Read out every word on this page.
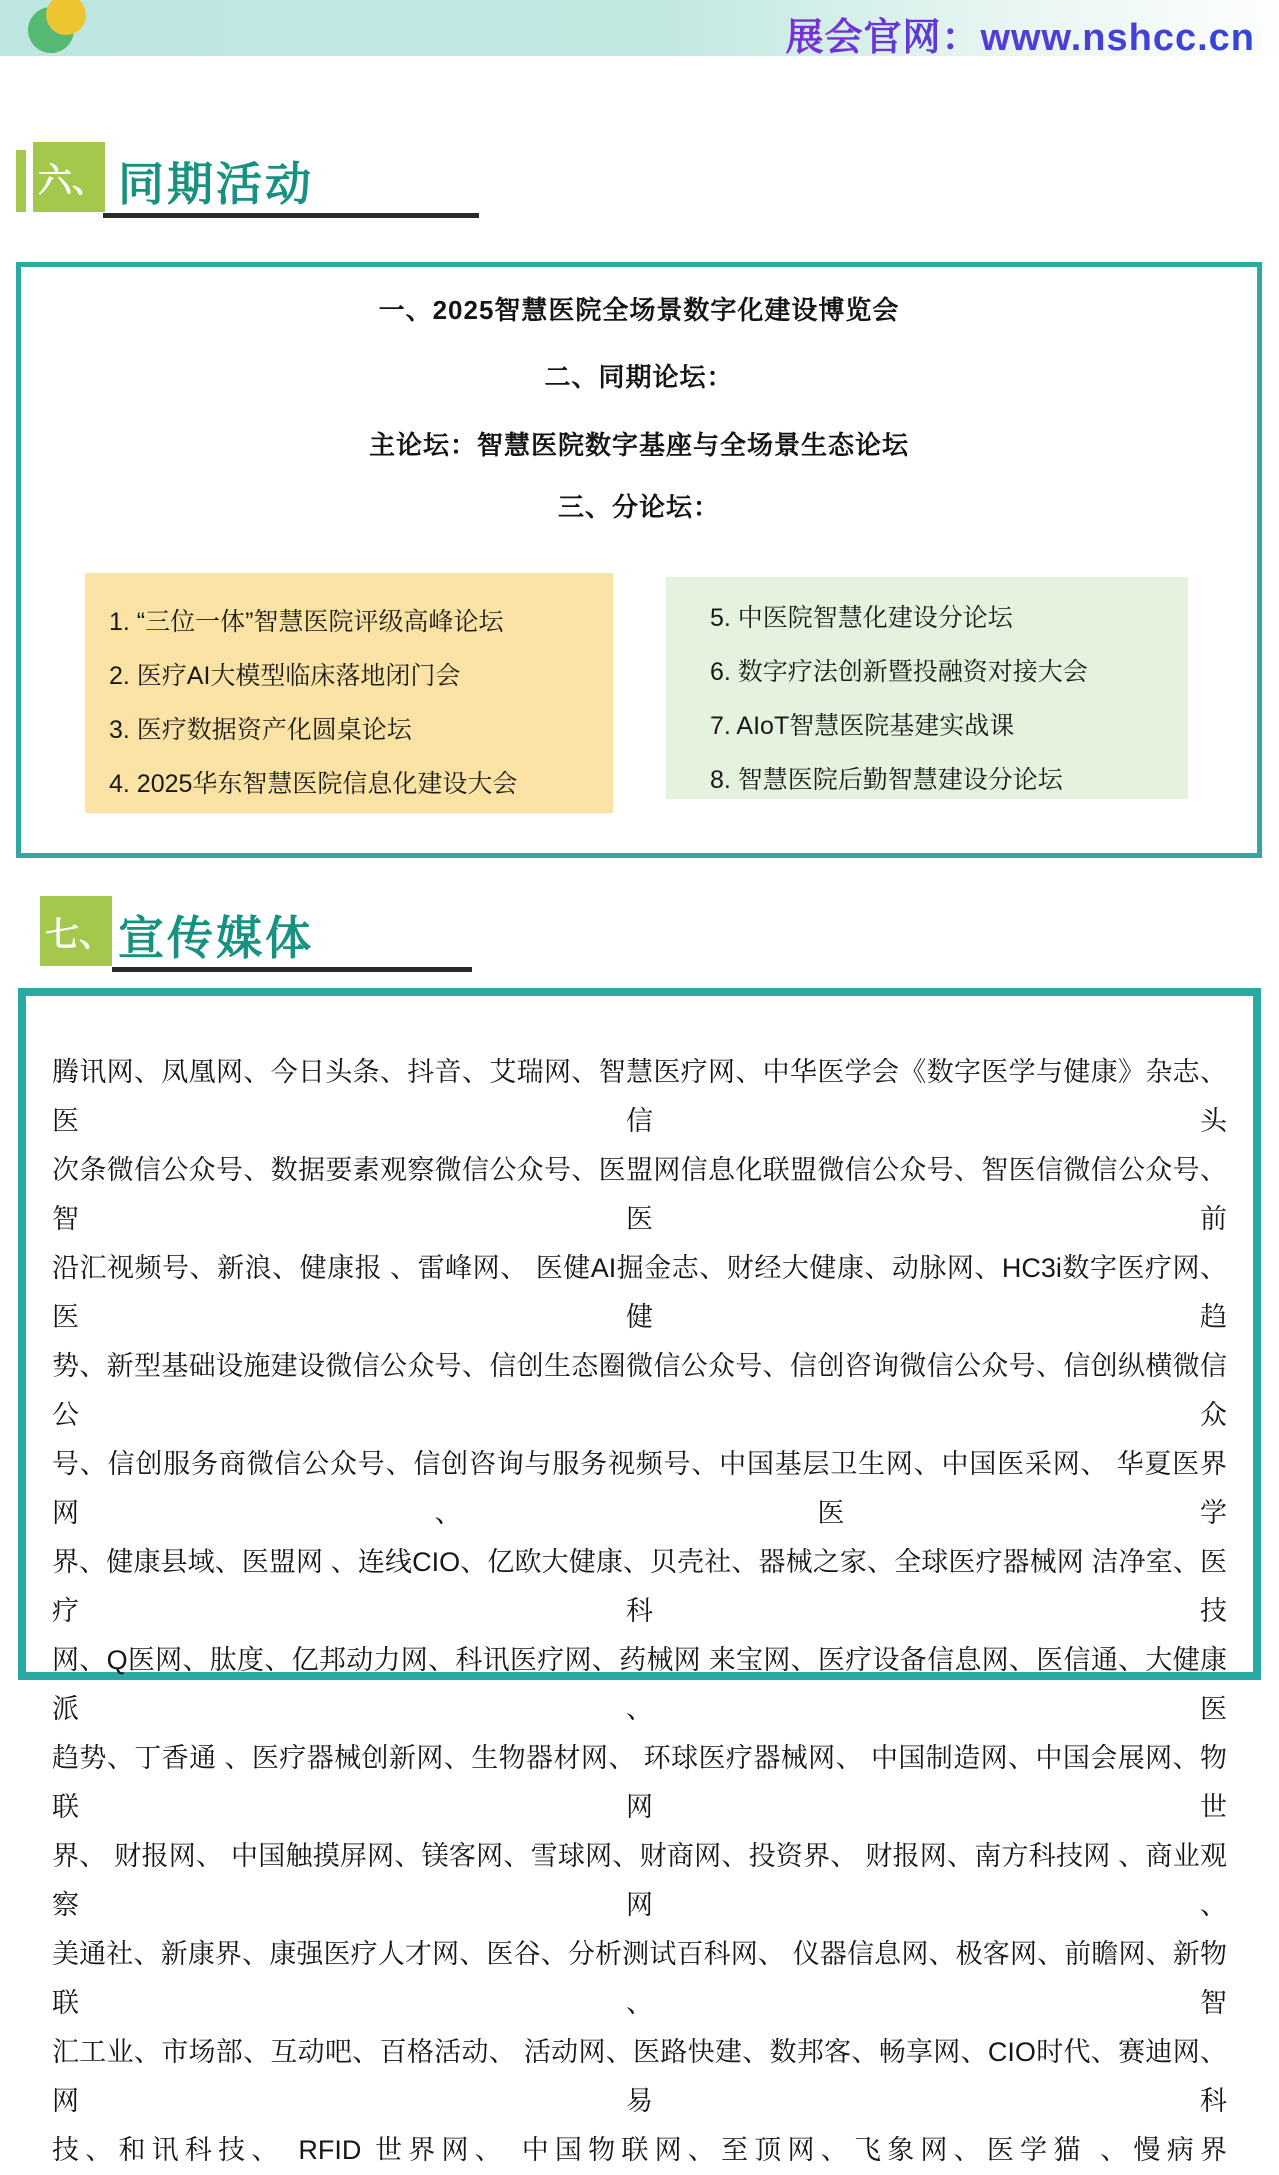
展会官网：www.nshcc.cn
六、 同期活动
一、2025智慧医院全场景数字化建设博览会
二、同期论坛：
主论坛：智慧医院数字基座与全场景生态论坛
三、分论坛：
1. “三位一体”智慧医院评级高峰论坛
2. 医疗AI大模型临床落地闭门会
3. 医疗数据资产化圆桌论坛
4. 2025华东智慧医院信息化建设大会
5. 中医院智慧化建设分论坛
6. 数字疗法创新暨投融资对接大会
7. AIoT智慧医院基建实战课
8. 智慧医院后勤智慧建设分论坛
七、 宣传媒体
腾讯网、凤凰网、今日头条、抖音、艾瑞网、智慧医疗网、中华医学会《数字医学与健康》杂志、医信头
次条微信公众号、数据要素观察微信公众号、医盟网信息化联盟微信公众号、智医信微信公众号、智医前
沿汇视频号、新浪、健康报 、雷峰网、 医健AI掘金志、财经大健康、动脉网、HC3i数字医疗网、医健趋
势、新型基础设施建设微信公众号、信创生态圈微信公众号、信创咨询微信公众号、信创纵横微信公众
号、信创服务商微信公众号、信创咨询与服务视频号、中国基层卫生网、中国医采网、 华夏医界网、医学
界、健康县域、医盟网 、连线CIO、亿欧大健康、贝壳社、器械之家、全球医疗器械网 洁净室、医疗科技
网、Q医网、肽度、亿邦动力网、科讯医疗网、药械网 来宝网、医疗设备信息网、医信通、大健康派、医
趋势、丁香通 、医疗器械创新网、生物器材网、 环球医疗器械网、 中国制造网、中国会展网、物联网世
界、 财报网、 中国触摸屏网、镁客网、雪球网、财商网、投资界、 财报网、南方科技网 、商业观察网、
美通社、新康界、康强医疗人才网、医谷、分析测试百科网、 仪器信息网、极客网、前瞻网、新物联、智
汇工业、市场部、互动吧、百格活动、 活动网、医路快建、数邦客、畅享网、CIO时代、赛迪网、网易科
技、和讯科技、 RFID 世界网、 中国物联网、至顶网、飞象网、医学猫 、慢病界
